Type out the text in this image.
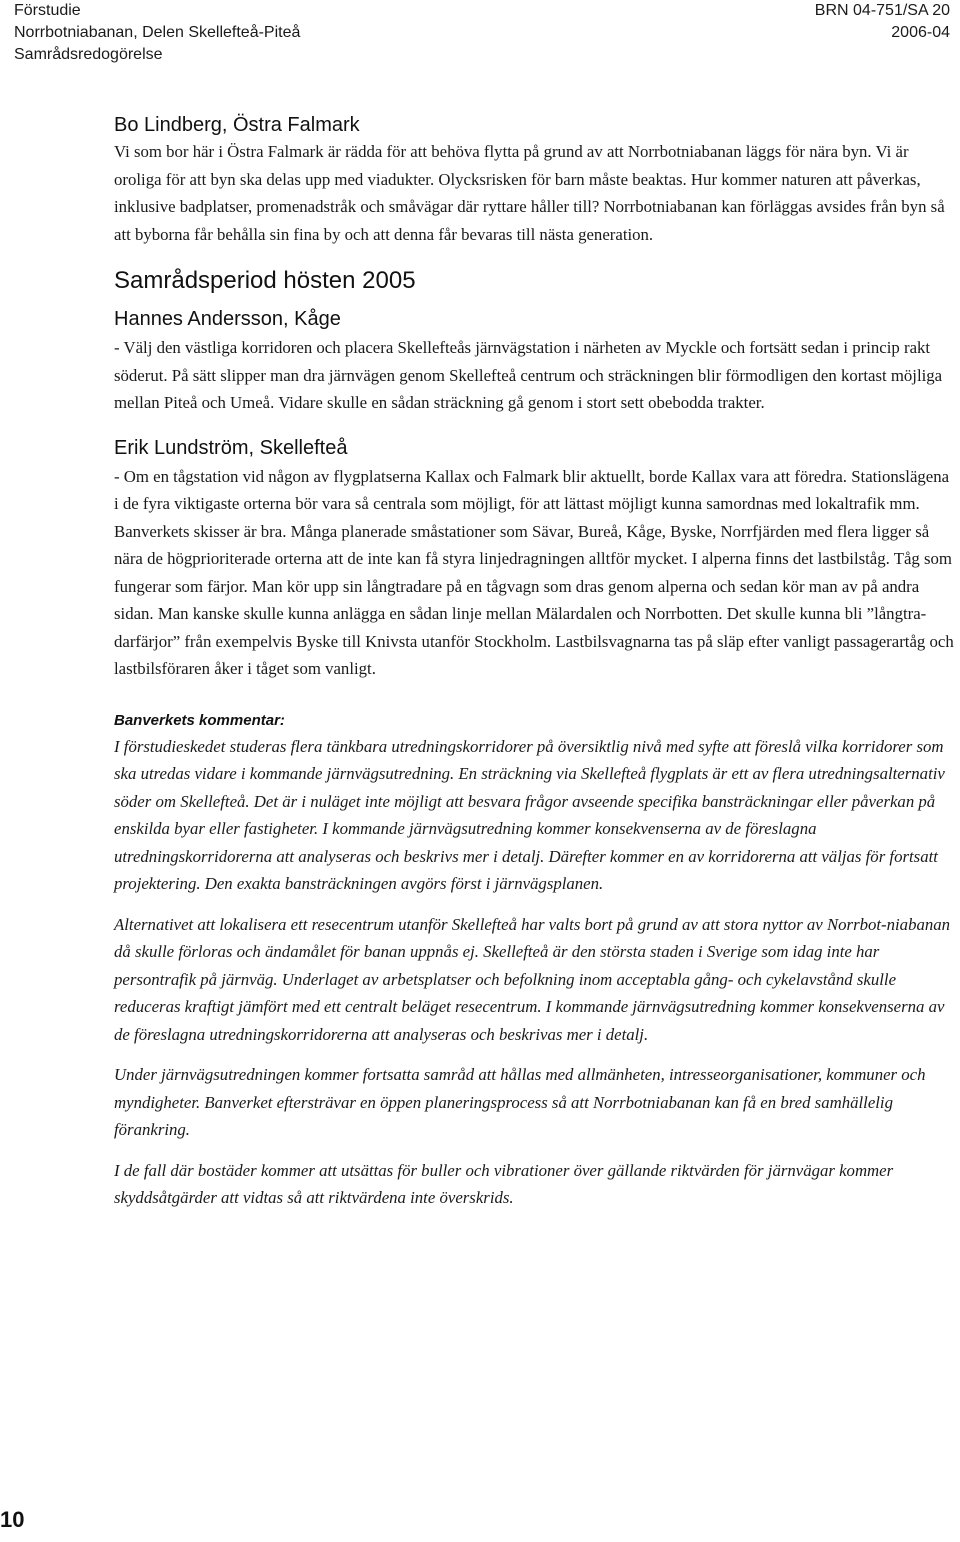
Förstudie
Norrbotniabanan, Delen Skellefteå-Piteå
Samrådsredogörelse
BRN 04-751/SA 20
2006-04
Bo Lindberg, Östra Falmark

Vi som bor här i Östra Falmark är rädda för att behöva flytta på grund av att Norrbotniabanan läggs för nära byn. Vi är oroliga för att byn ska delas upp med viadukter. Olycksrisken för barn måste beaktas. Hur kommer naturen att påverkas, inklusive badplatser, promenadstråk och småvägar där ryttare håller till? Norrbotniabanan kan förläggas avsides från byn så att byborna får behålla sin fina by och att denna får bevaras till nästa generation.

Samrådsperiod hösten 2005
Hannes Andersson, Kåge

- Välj den västliga korridoren och placera Skellefteås järnvägstation i närheten av Myckle och fortsätt sedan i princip rakt söderut. På sätt slipper man dra järnvägen genom Skellefteå centrum och sträckningen blir förmodligen den kortast möjliga mellan Piteå och Umeå. Vidare skulle en sådan sträckning gå genom i stort sett obebodda trakter.

Erik Lundström, Skellefteå

- Om en tågstation vid någon av flygplatserna Kallax och Falmark blir aktuellt, borde Kallax vara att föredra. Stationslägena i de fyra viktigaste orterna bör vara så centrala som möjligt, för att lättast möjligt kunna samordnas med lokaltrafik mm. Banverkets skisser är bra. Många planerade småstationer som Sävar, Bureå, Kåge, Byske, Norrfjärden med flera ligger så nära de högprioriterade orterna att de inte kan få styra linjedragningen alltför mycket. I alperna finns det lastbilståg. Tåg som fungerar som färjor. Man kör upp sin långtradare på en tågvagn som dras genom alperna och sedan kör man av på andra sidan. Man kanske skulle kunna anlägga en sådan linje mellan Mälardalen och Norrbotten. Det skulle kunna bli ”långtra-darfärjor” från exempelvis Byske till Knivsta utanför Stockholm. Lastbilsvagnarna tas på släp efter vanligt passagerartåg och lastbilsföraren åker i tåget som vanligt.

Banverkets kommentar:

I förstudieskedet studeras flera tänkbara utredningskorridorer på översiktlig nivå med syfte att föreslå vilka korridorer som ska utredas vidare i kommande järnvägsutredning. En sträckning via Skellefteå flygplats är ett av flera utredningsalternativ söder om Skellefteå. Det är i nuläget inte möjligt att besvara frågor avseende specifika bansträckningar eller påverkan på enskilda byar eller fastigheter. I kommande järnvägsutredning kommer konsekvenserna av de föreslagna utredningskorridorerna att analyseras och beskrivs mer i detalj. Därefter kommer en av korridorerna att väljas för fortsatt projektering. Den exakta bansträckningen avgörs först i järnvägsplanen.

Alternativet att lokalisera ett resecentrum utanför Skellefteå har valts bort på grund av att stora nyttor av Norrbot-niabanan då skulle förloras och ändamålet för banan uppnås ej. Skellefteå är den största staden i Sverige som idag inte har persontrafik på järnväg. Underlaget av arbetsplatser och befolkning inom acceptabla gång- och cykelavstånd skulle reduceras kraftigt jämfört med ett centralt beläget resecentrum. I kommande järnvägsutredning kommer konsekvenserna av de föreslagna utredningskorridorerna att analyseras och beskrivas mer i detalj.

Under järnvägsutredningen kommer fortsatta samråd att hållas med allmänheten, intresseorganisationer, kommuner och myndigheter. Banverket eftersträvar en öppen planeringsprocess så att Norrbotniabanan kan få en bred samhällelig förankring.

I de fall där bostäder kommer att utsättas för buller och vibrationer över gällande riktvärden för järnvägar kommer skyddsåtgärder att vidtas så att riktvärdena inte överskrids.

10
